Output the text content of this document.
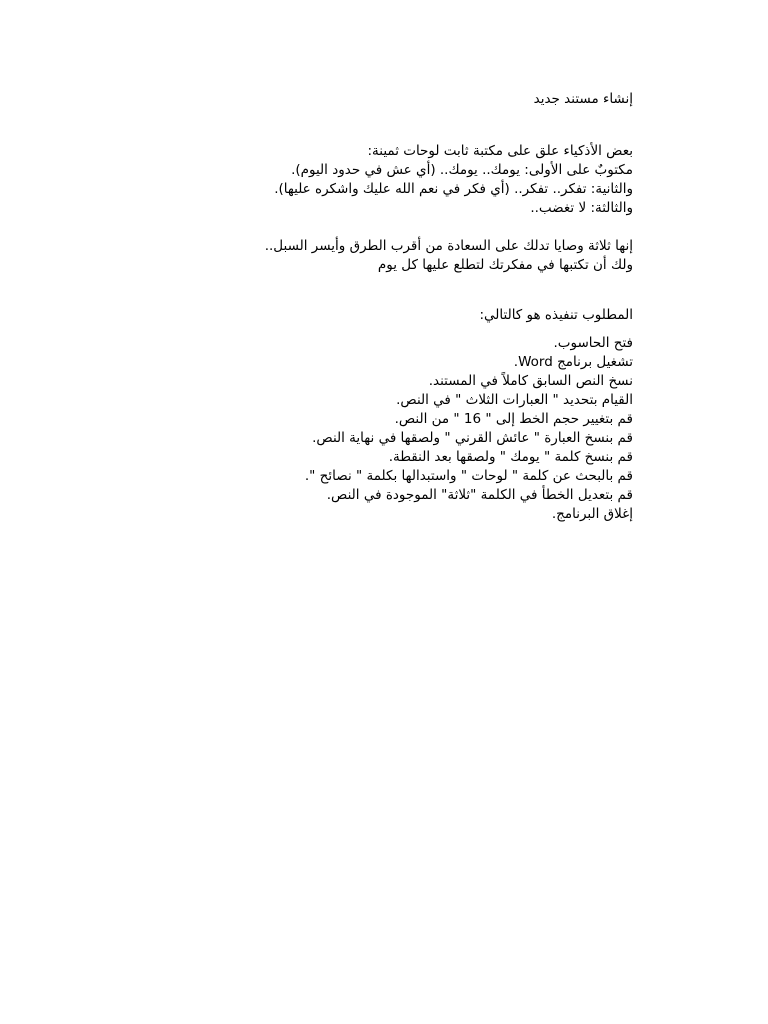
إنشاء مستند جديد
بعض الأذكياء علق على مكتبة ثابت لوحات ثمينة:
مكتوبٌ على الأولى: يومك.. يومك.. (أي عش في حدود اليوم).
والثانية: تفكر.. تفكر.. (أي فكر في نعم الله عليك واشكره عليها).
والثالثة: لا تغضب..
إنها ثلاثة وصايا تدلك على السعادة من أقرب الطرق وأيسر السبل..
ولك أن تكتبها في مفكرتك لتطلع عليها كل يوم
المطلوب تنفيذه هو كالتالي:
فتح الحاسوب.
تشغيل برنامج Word.
نسخ النص السابق كاملاً في المستند.
القيام بتحديد " العبارات الثلاث " في النص.
قم بتغيير حجم الخط إلى " 16 " من النص.
قم بنسخ العبارة " عائش القرني " ولصقها في نهاية النص.
قم بنسخ كلمة " يومك " ولصقها بعد النقطة.
قم بالبحث عن كلمة " لوحات " واستبدالها بكلمة " نصائح ".
قم بتعديل الخطأ في الكلمة "ثلاثة" الموجودة في النص.
إغلاق البرنامج.
